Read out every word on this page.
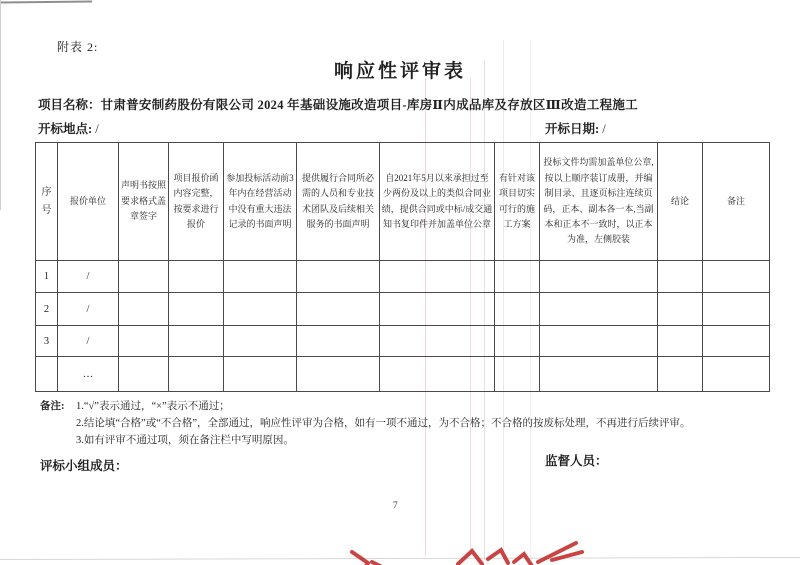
附表 2:
响应性评审表
项目名称：甘肃普安制药股份有限公司 2024 年基础设施改造项目-库房Ⅱ内成品库及存放区Ⅲ改造工程施工
开标地点: /	开标日期: /
序号	报价单位	声明书按照要求格式盖章签字	项目报价函内容完整，按要求进行报价	参加投标活动前3年内在经营活动中没有重大违法记录的书面声明	提供履行合同所必需的人员和专业技术团队及后续相关服务的书面声明	自2021年5月以来承担过至少两份及以上的类似合同业绩，提供合同或中标/成交通知书复印件并加盖单位公章	有针对该项目切实可行的施工方案	投标文件均需加盖单位公章,按以上顺序装订成册，并编制目录、且逐页标注连续页码，正本、副本各一本,当副本和正本不一致时，以正本为准，左侧胶装	结论	备注
1	/									
2	/									
3	/									
	…									
备注:	1.“√”表示通过，“×”表示不通过；
2.结论填“合格”或“不合格”，全部通过，响应性评审为合格，如有一项不通过，为不合格；不合格的按废标处理，不再进行后续评审。
3.如有评审不通过项，须在备注栏中写明原因。
评标小组成员：	监督人员：
7
